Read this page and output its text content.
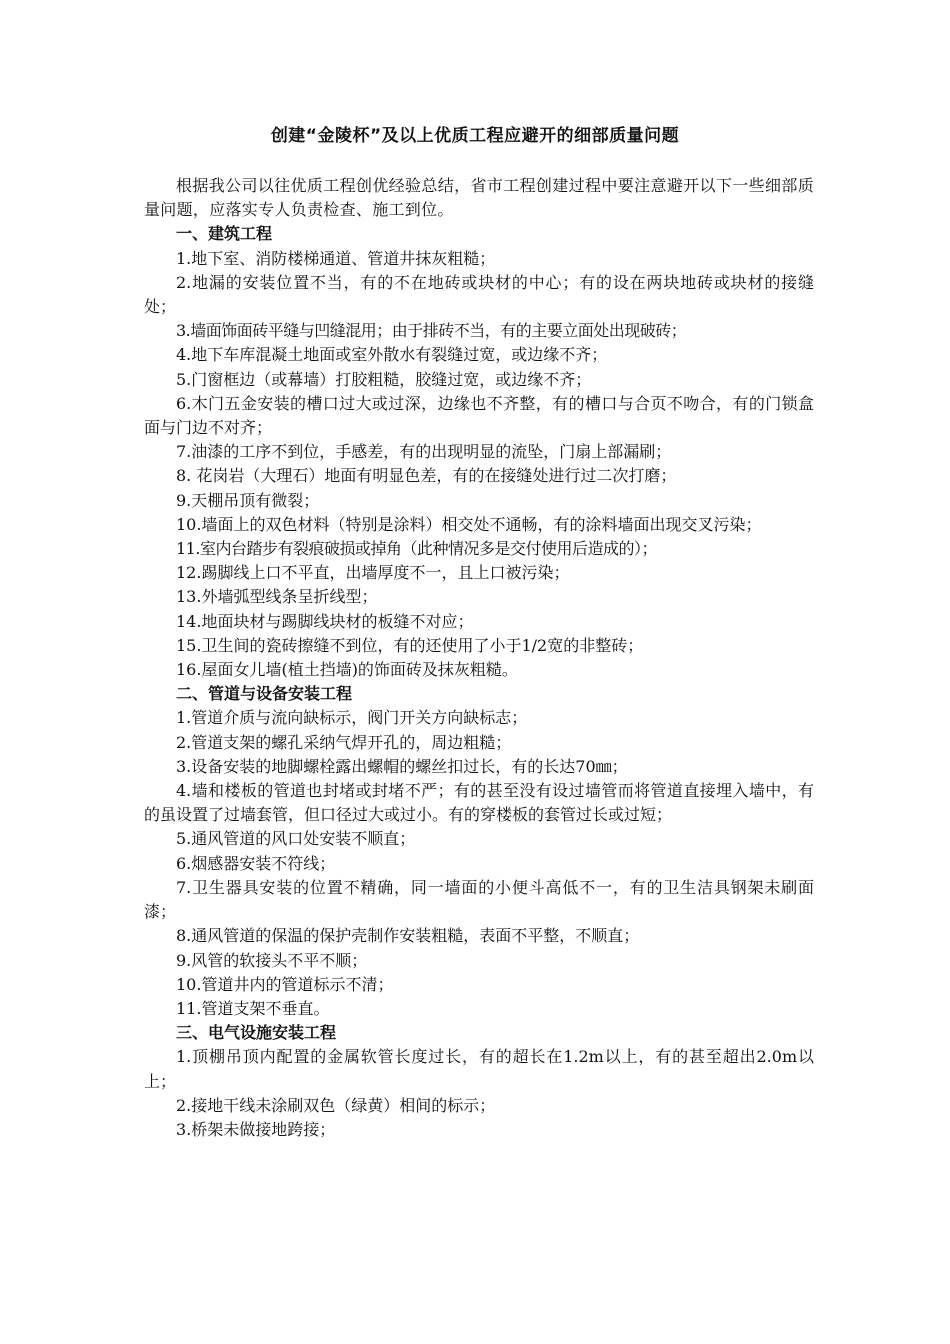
创建“金陵杯”及以上优质工程应避开的细部质量问题

根据我公司以往优质工程创优经验总结，省市工程创建过程中要注意避开以下一些细部质量问题，应落实专人负责检查、施工到位。

一、建筑工程

1.地下室、消防楼梯通道、管道井抹灰粗糙；

2.地漏的安装位置不当，有的不在地砖或块材的中心；有的设在两块地砖或块材的接缝处；

3.墙面饰面砖平缝与凹缝混用；由于排砖不当，有的主要立面处出现破砖；

4.地下车库混凝土地面或室外散水有裂缝过宽，或边缘不齐；

5.门窗框边（或幕墙）打胶粗糙，胶缝过宽，或边缘不齐；

6.木门五金安装的槽口过大或过深，边缘也不齐整，有的槽口与合页不吻合，有的门锁盒面与门边不对齐；

7.油漆的工序不到位，手感差，有的出现明显的流坠，门扇上部漏刷；

8. 花岗岩（大理石）地面有明显色差，有的在接缝处进行过二次打磨；

9.天棚吊顶有微裂；

10.墙面上的双色材料（特别是涂料）相交处不通畅，有的涂料墙面出现交叉污染；

11.室内台踏步有裂痕破损或掉角（此种情况多是交付使用后造成的）；

12.踢脚线上口不平直，出墙厚度不一，且上口被污染；

13.外墙弧型线条呈折线型；

14.地面块材与踢脚线块材的板缝不对应；

15.卫生间的瓷砖擦缝不到位，有的还使用了小于1/2宽的非整砖；

16.屋面女儿墙(植土挡墙)的饰面砖及抹灰粗糙。

二、管道与设备安装工程

1.管道介质与流向缺标示，阀门开关方向缺标志；

2.管道支架的螺孔采纳气焊开孔的，周边粗糙；

3.设备安装的地脚螺栓露出螺帽的螺丝扣过长，有的长达70㎜；

4.墙和楼板的管道也封堵或封堵不严；有的甚至没有设过墙管而将管道直接埋入墙中，有的虽设置了过墙套管，但口径过大或过小。有的穿楼板的套管过长或过短；

5.通风管道的风口处安装不顺直；

6.烟感器安装不符线；

7.卫生器具安装的位置不精确，同一墙面的小便斗高低不一，有的卫生洁具钢架未刷面漆；

8.通风管道的保温的保护壳制作安装粗糙，表面不平整，不顺直；

9.风管的软接头不平不顺；

10.管道井内的管道标示不清；

11.管道支架不垂直。

三、电气设施安装工程

1.顶棚吊顶内配置的金属软管长度过长，有的超长在1.2m以上，有的甚至超出2.0m以上；

2.接地干线未涂刷双色（绿黄）相间的标示；

3.桥架未做接地跨接；
